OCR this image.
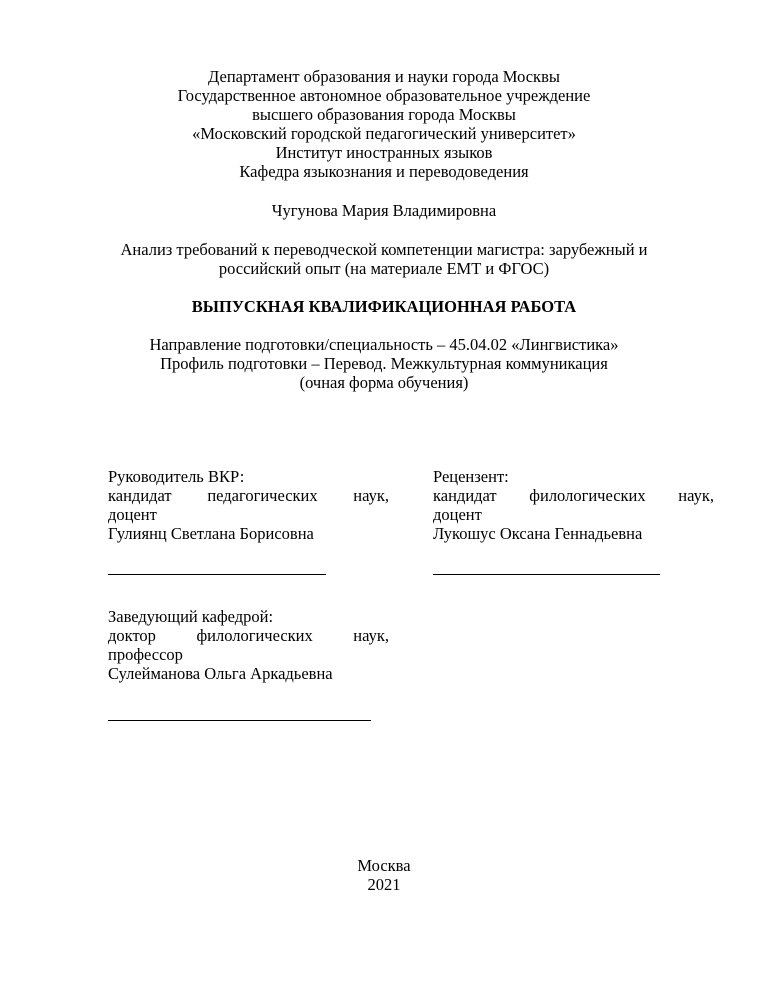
Департамент образования и науки города Москвы
Государственное автономное образовательное учреждение
высшего образования города Москвы
«Московский городской педагогический университет»
Институт иностранных языков
Кафедра языкознания и переводоведения
Чугунова Мария Владимировна
Анализ требований к переводческой компетенции магистра: зарубежный и
российский опыт (на материале ЕМТ и ФГОС)
ВЫПУСКНАЯ КВАЛИФИКАЦИОННАЯ РАБОТА
Направление подготовки/специальность – 45.04.02 «Лингвистика»
Профиль подготовки – Перевод. Межкультурная коммуникация
(очная форма обучения)
Руководитель ВКР:
кандидат педагогических наук,
доцент
Гулиянц Светлана Борисовна
Рецензент:
кандидат филологических наук,
доцент
Лукошус Оксана Геннадьевна
Заведующий кафедрой:
доктор филологических наук,
профессор
Сулейманова Ольга Аркадьевна
Москва
2021
